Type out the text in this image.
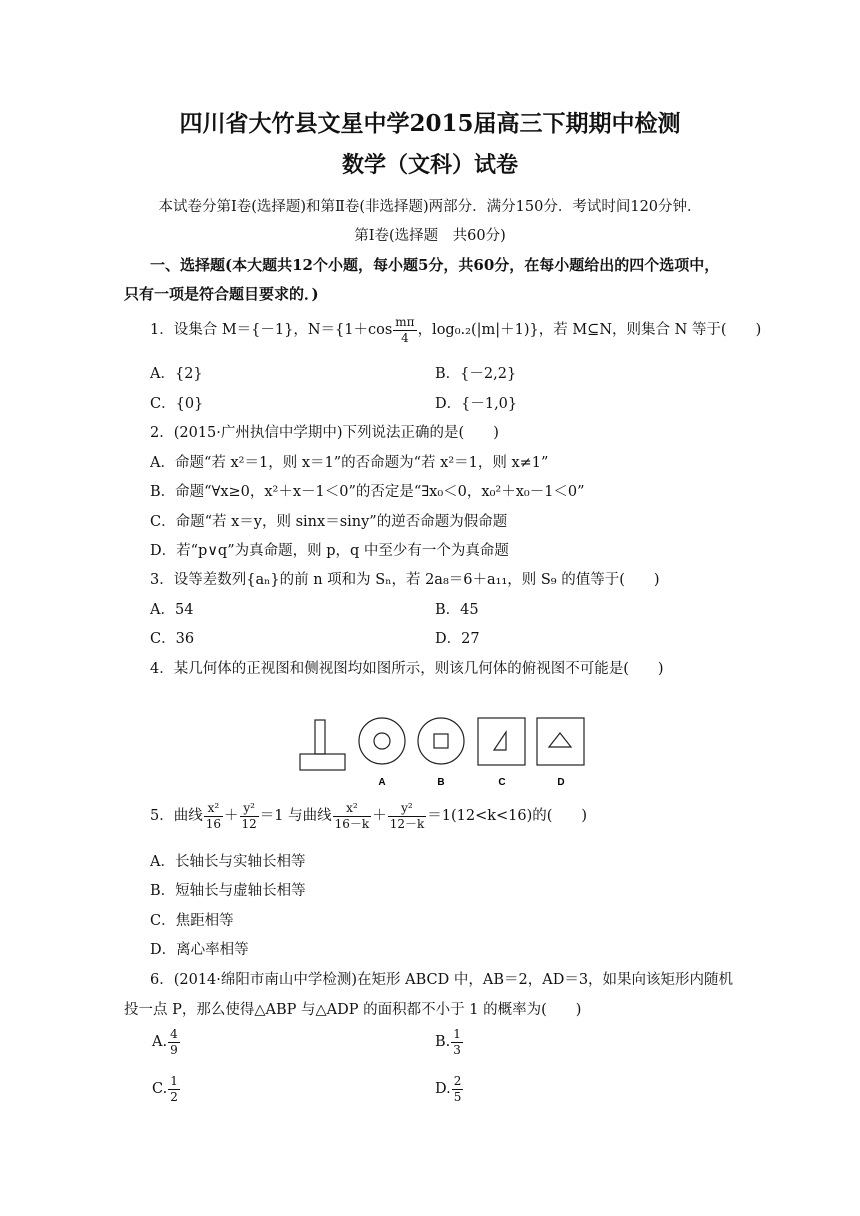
四川省大竹县文星中学2015届高三下期期中检测
数学（文科）试卷
本试卷分第Ⅰ卷(选择题)和第Ⅱ卷(非选择题)两部分．满分150分．考试时间120分钟．
第Ⅰ卷(选择题　共60分)
一、选择题(本大题共12个小题，每小题5分，共60分，在每小题给出的四个选项中，
只有一项是符合题目要求的．)
1．设集合 M＝{－1}，$N=\{1+\cos \frac{m\pi}{4}$ ，log₀.₂(|m|＋1)}，若 M⊆N，则集合 N 等于(　　)
A．{2}	B．{－2,2}
C．{0}	D．{－1,0}
2．(2015·广州执信中学期中)下列说法正确的是(　　)
A．命题“若 x²＝1，则 x＝1”的否命题为“若 x²＝1，则 x≠1”
B．命题“∀x≥0，x²＋x－1＜0”的否定是“∃x₀＜0，x₀²＋x₀－1＜0”
C．命题“若 x＝y，则 sinx＝siny”的逆否命题为假命题
D．若“p∨q”为真命题，则 p，q 中至少有一个为真命题
3．设等差数列{aₙ}的前 n 项和为 Sₙ，若 2a₈＝6＋a₁₁，则 S₉ 的值等于(　　)
A．54	B．45
C．36	D．27
4．某几何体的正视图和侧视图均如图所示，则该几何体的俯视图不可能是(　　)
A	B	C	D
5．曲线 $\frac{\text{x²}}{16} + \frac{\text{y²}}{12} =1$ 与曲线 $\frac{\text{x²}}{16-k} + \frac{\text{y²}}{12-k} =1(12<k<16)$的(　　)
A．长轴长与实轴长相等
B．短轴长与虚轴长相等
C．焦距相等
D．离心率相等
6．(2014·绵阳市南山中学检测)在矩形 ABCD 中，AB＝2，AD＝3，如果向该矩形内随机
投一点 P，那么使得△ABP 与△ADP 的面积都不小于 1 的概率为(　　)
A. $\frac{4}{9}$	B. $\frac{1}{3}$
C. $\frac{1}{2}$	D. $\frac{2}{5}$
